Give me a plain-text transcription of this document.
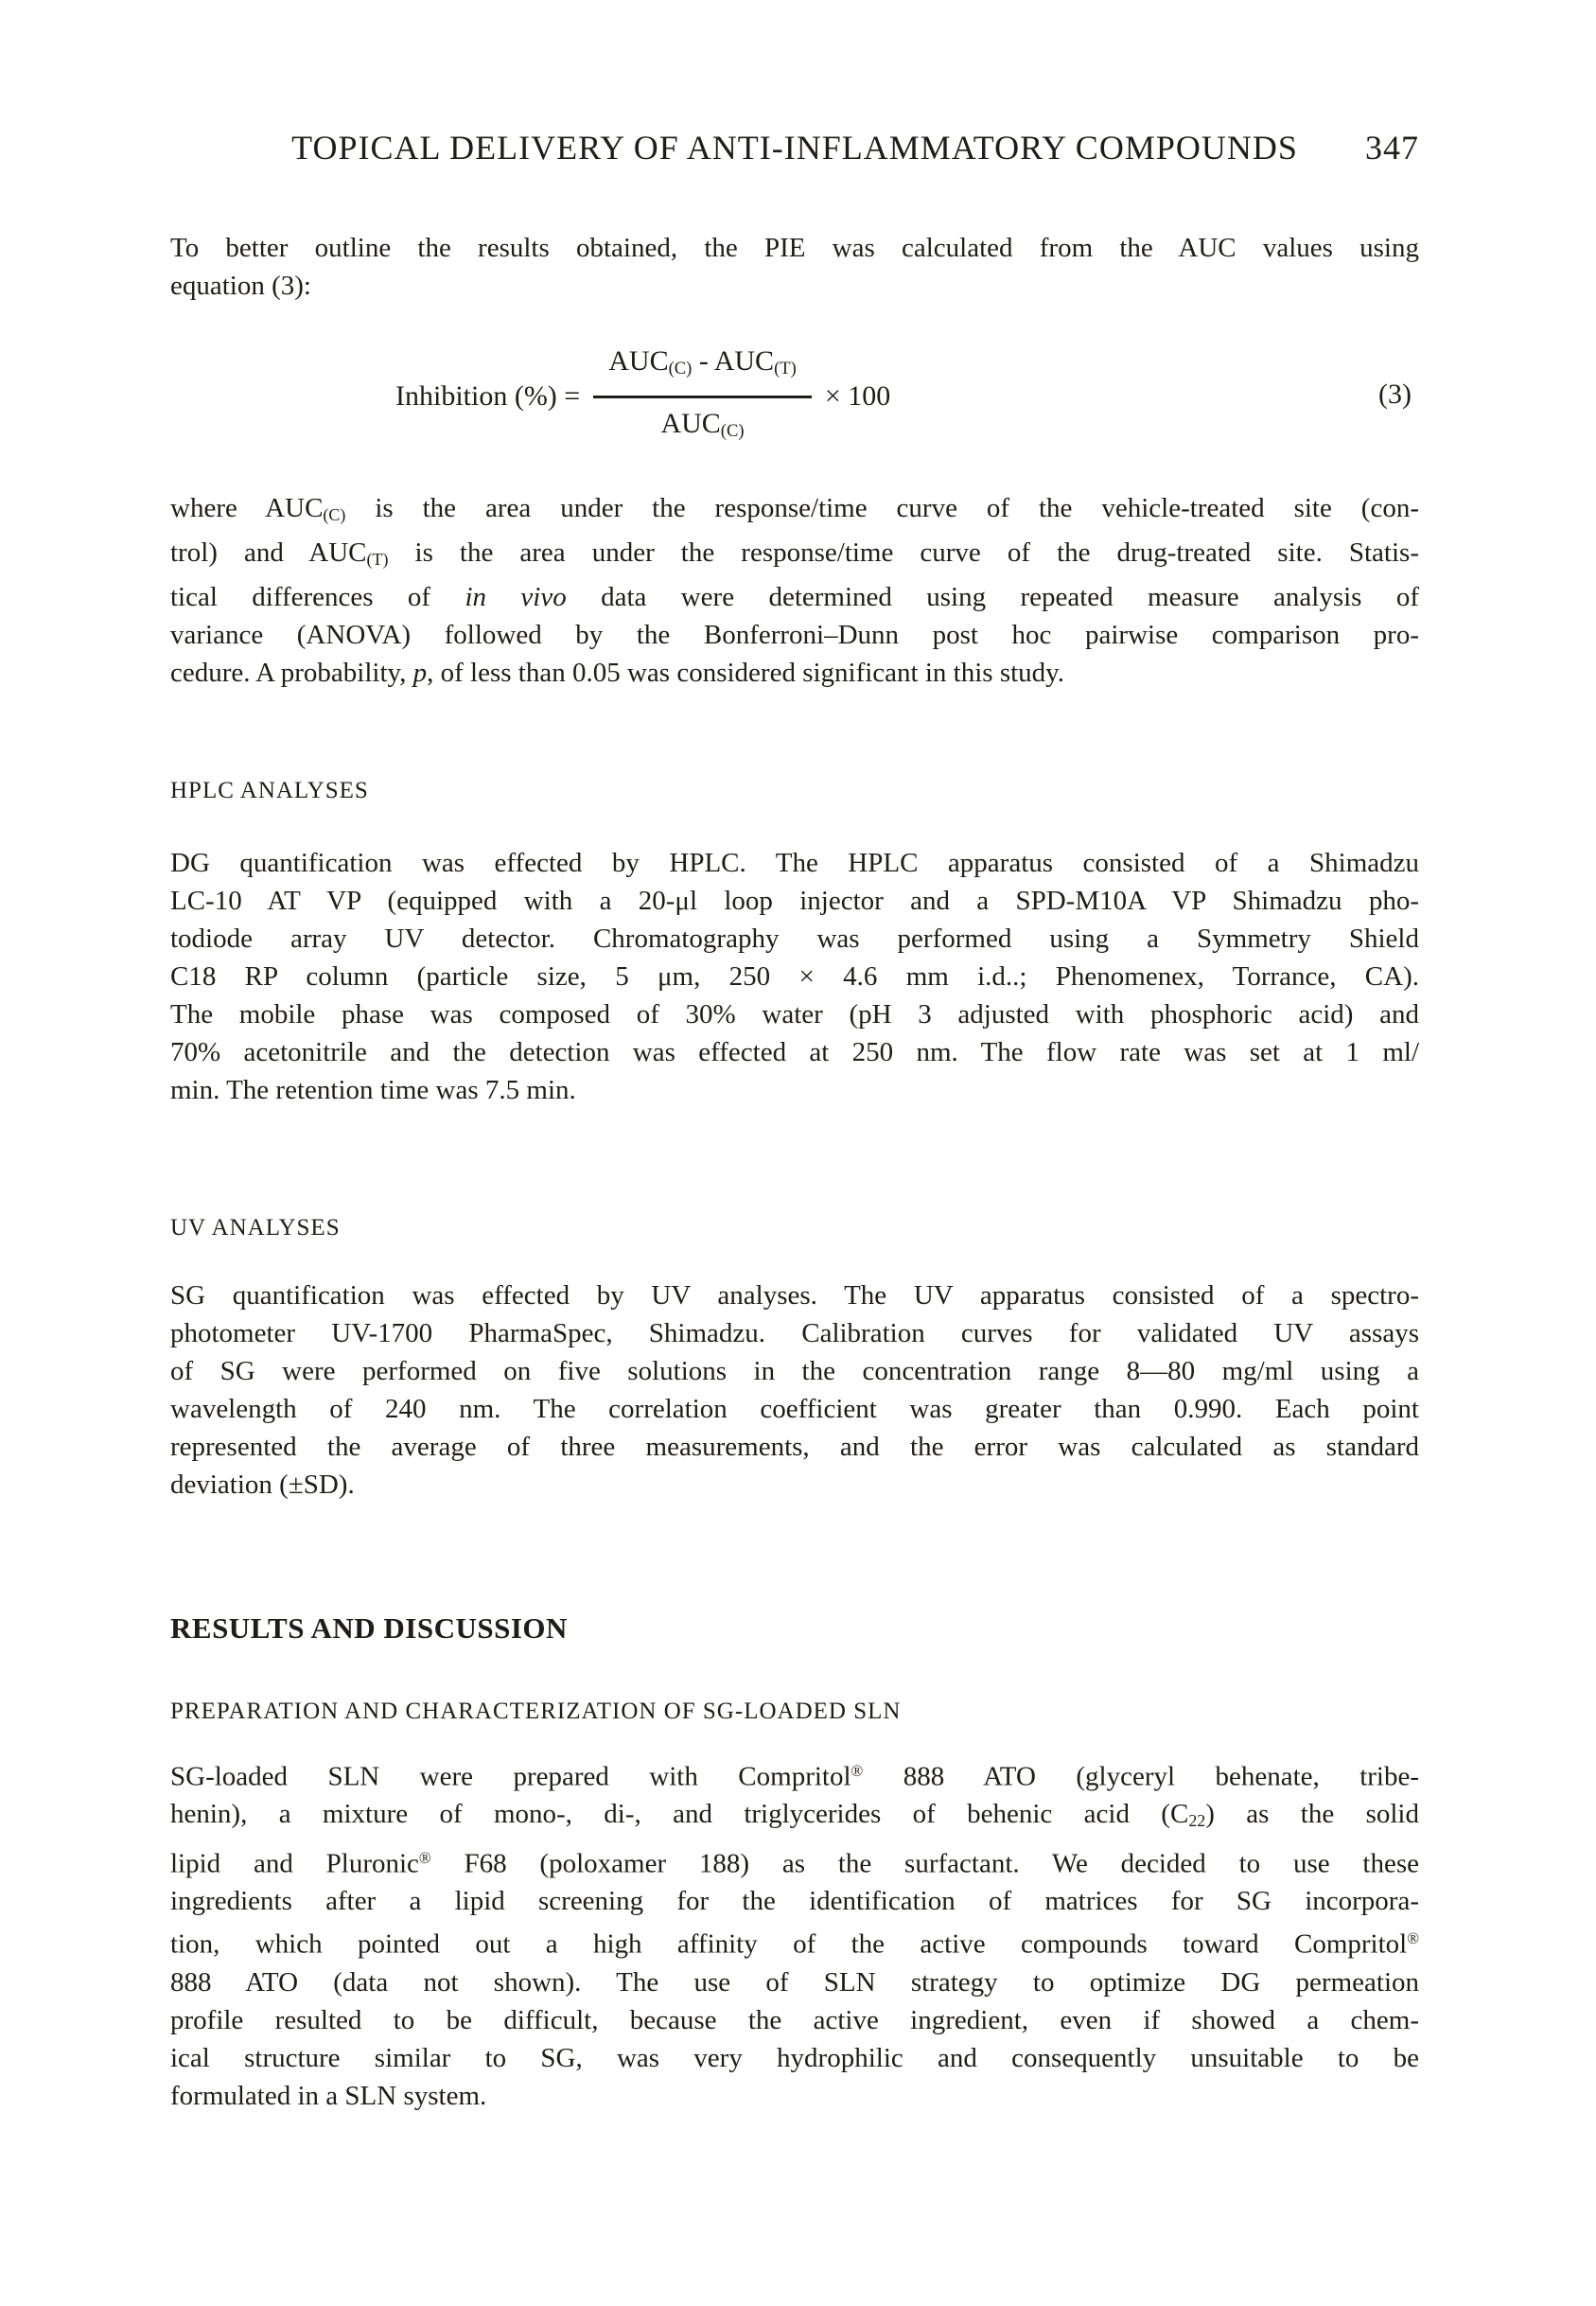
TOPICAL DELIVERY OF ANTI-INFLAMMATORY COMPOUNDS	347
To better outline the results obtained, the PIE was calculated from the AUC values using
equation (3):
Inhibition (%) = $\frac{\text{AUC(C) - AUC(T)}}{\text{AUC(C)}} \times 100$	(3)
where AUC(C) is the area under the response/time curve of the vehicle-treated site (con-
trol) and AUC(T) is the area under the response/time curve of the drug-treated site. Statis-
tical differences of in vivo data were determined using repeated measure analysis of
variance (ANOVA) followed by the Bonferroni–Dunn post hoc pairwise comparison pro-
cedure. A probability, p, of less than 0.05 was considered significant in this study.
HPLC ANALYSES
DG quantification was effected by HPLC. The HPLC apparatus consisted of a Shimadzu
LC-10 AT VP (equipped with a 20-μl loop injector and a SPD-M10A VP Shimadzu pho-
todiode array UV detector. Chromatography was performed using a Symmetry Shield
C18 RP column (particle size, 5 μm, 250 × 4.6 mm i.d..; Phenomenex, Torrance, CA).
The mobile phase was composed of 30% water (pH 3 adjusted with phosphoric acid) and
70% acetonitrile and the detection was effected at 250 nm. The flow rate was set at 1 ml/
min. The retention time was 7.5 min.
UV ANALYSES
SG quantification was effected by UV analyses. The UV apparatus consisted of a spectro-
photometer UV-1700 PharmaSpec, Shimadzu. Calibration curves for validated UV assays
of SG were performed on five solutions in the concentration range 8—80 mg/ml using a
wavelength of 240 nm. The correlation coefficient was greater than 0.990. Each point
represented the average of three measurements, and the error was calculated as standard
deviation (±SD).
RESULTS AND DISCUSSION
PREPARATION AND CHARACTERIZATION OF SG-LOADED SLN
SG-loaded SLN were prepared with Compritol® 888 ATO (glyceryl behenate, tribe-
henin), a mixture of mono-, di-, and triglycerides of behenic acid (C22) as the solid
lipid and Pluronic® F68 (poloxamer 188) as the surfactant. We decided to use these
ingredients after a lipid screening for the identification of matrices for SG incorpora-
tion, which pointed out a high affinity of the active compounds toward Compritol®
888 ATO (data not shown). The use of SLN strategy to optimize DG permeation
profile resulted to be difficult, because the active ingredient, even if showed a chem-
ical structure similar to SG, was very hydrophilic and consequently unsuitable to be
formulated in a SLN system.
